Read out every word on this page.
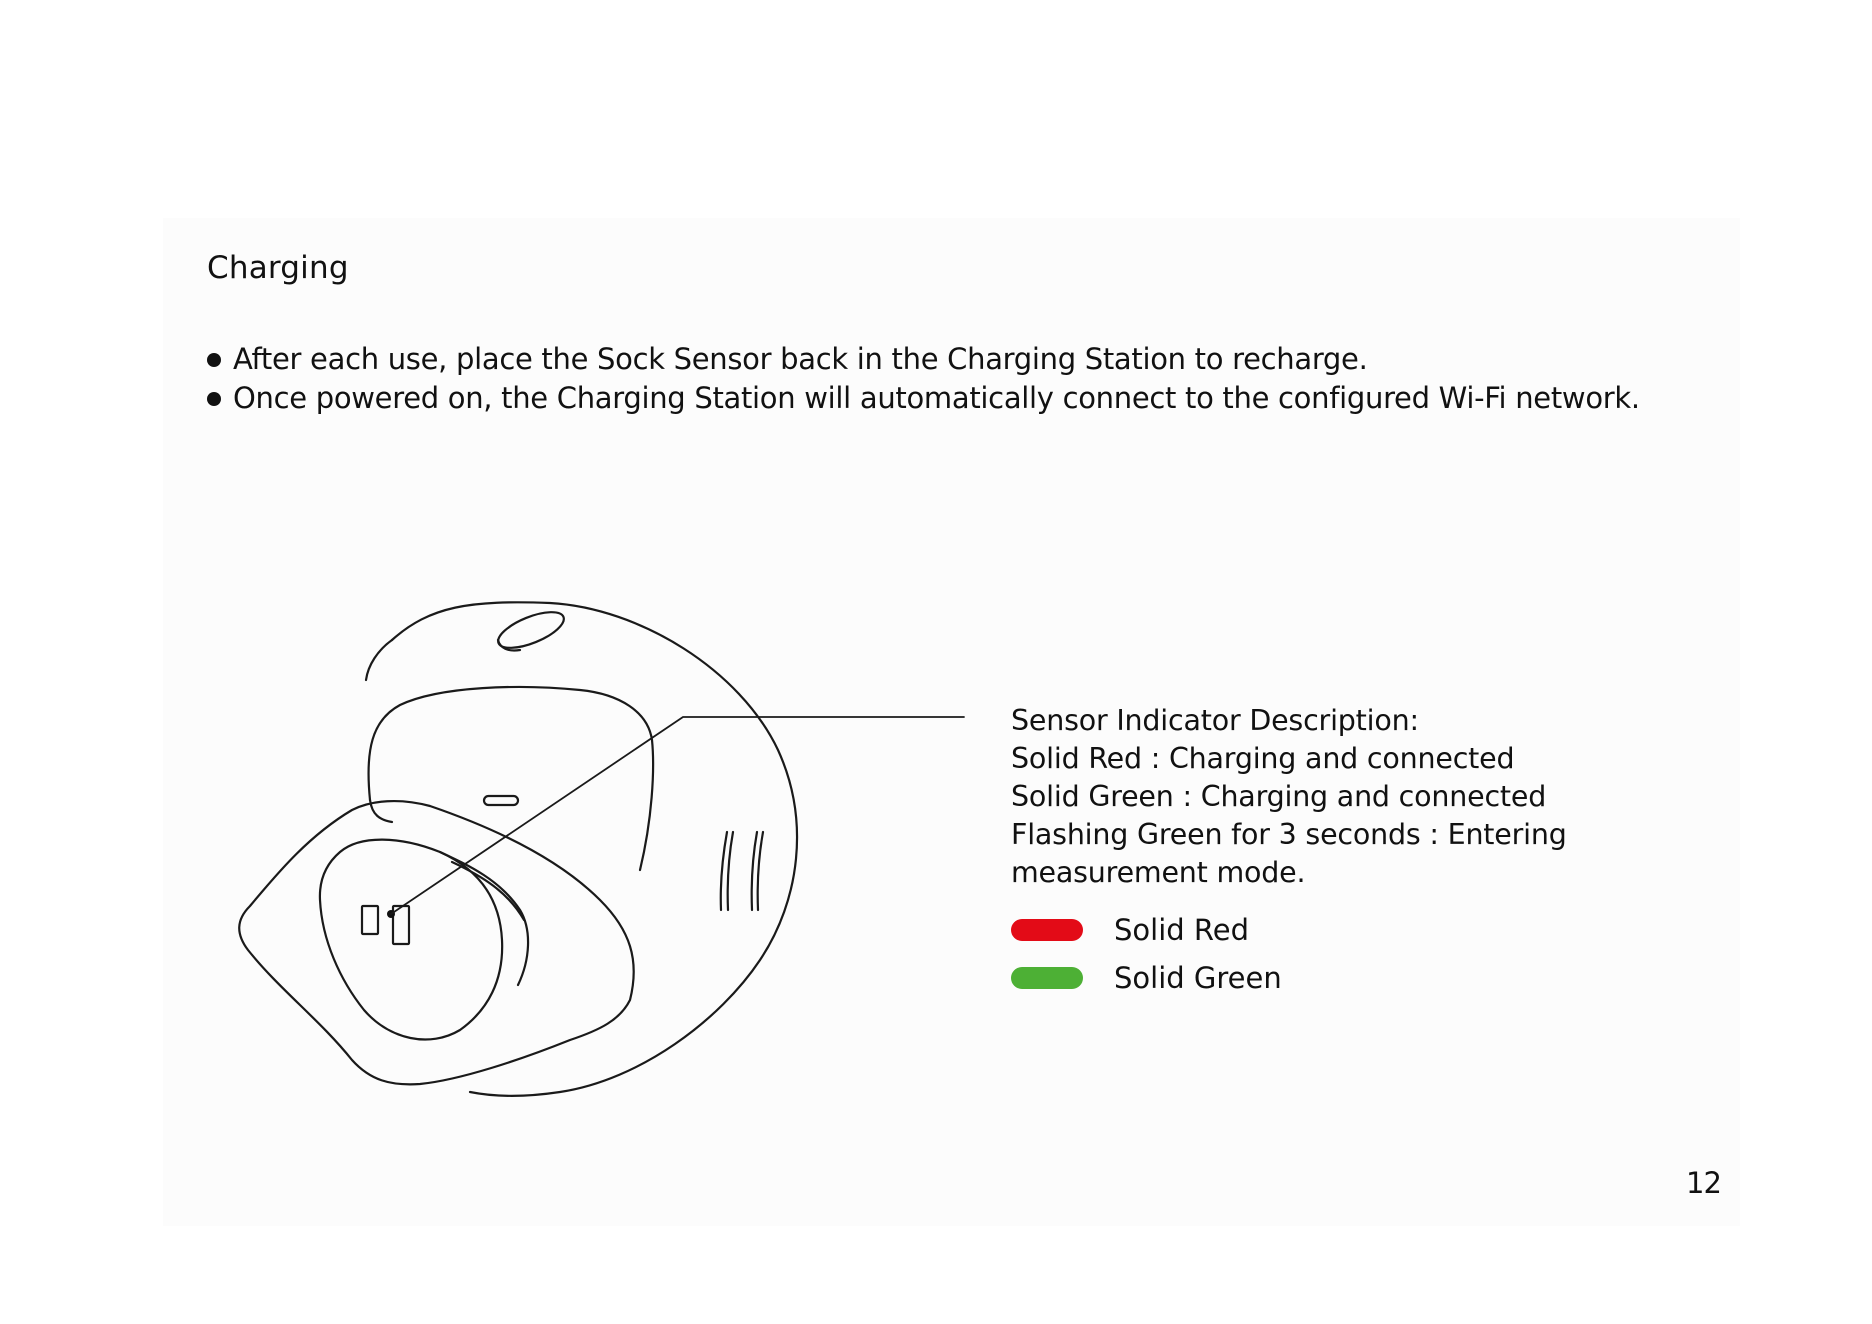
Charging
After each use, place the Sock Sensor back in the Charging Station to recharge.
Once powered on, the Charging Station will automatically connect to the configured Wi-Fi network.
Sensor Indicator Description:
Solid Red : Charging and connected
Solid Green : Charging and connected
Flashing Green for 3 seconds : Entering
measurement mode.
Solid Red
Solid Green
12
